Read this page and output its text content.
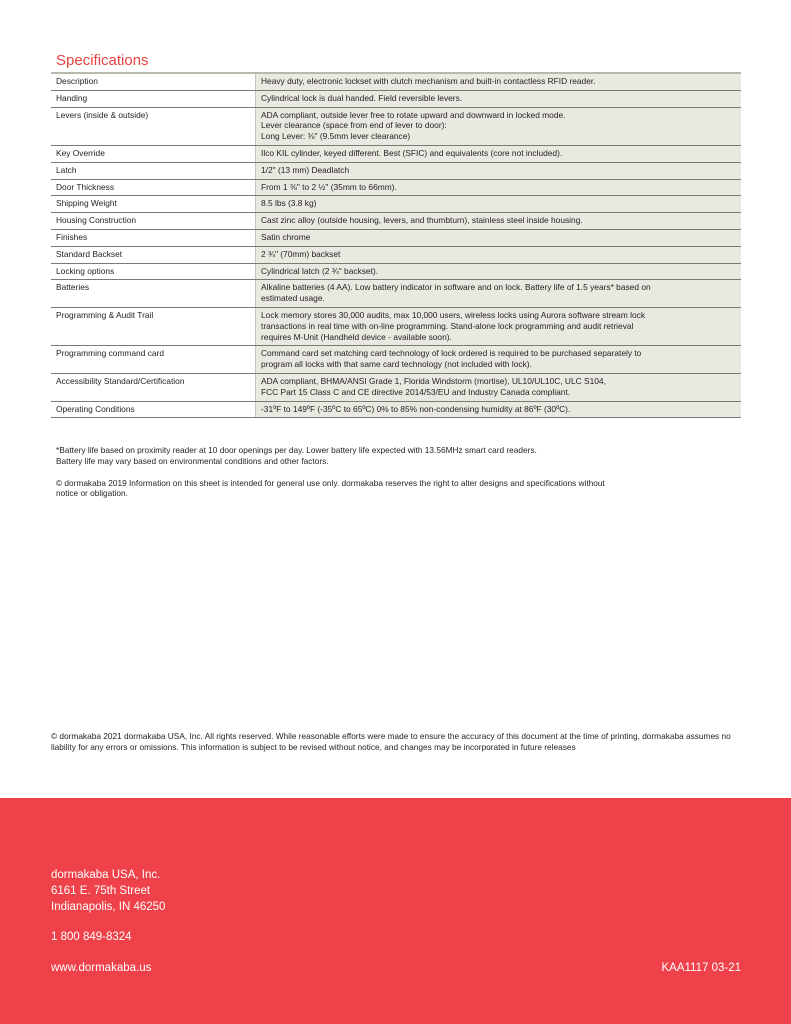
Specifications
Description	Heavy duty, electronic lockset with clutch mechanism and built-in contactless RFID reader.
Handing	Cylindrical lock is dual handed. Field reversible levers.
Levers (inside & outside)	ADA compliant, outside lever free to rotate upward and downward in locked mode.
Lever clearance (space from end of lever to door):
Long Lever: ⅜" (9.5mm lever clearance)
Key Override	Ilco KIL cylinder, keyed different. Best (SFIC) and equivalents (core not included).
Latch	1/2" (13 mm) Deadlatch
Door Thickness	From 1 ⅜" to 2 ½" (35mm to 66mm).
Shipping Weight	8.5 lbs (3.8 kg)
Housing Construction	Cast zinc alloy (outside housing, levers, and thumbturn), stainless steel inside housing.
Finishes	Satin chrome
Standard Backset	2 ¾" (70mm) backset
Locking options	Cylindrical latch (2 ¾" backset).
Batteries	Alkaline batteries (4 AA). Low battery indicator in software and on lock. Battery life of 1.5 years* based on
estimated usage.
Programming & Audit Trail	Lock memory stores 30,000 audits, max 10,000 users, wireless locks using Aurora software stream lock
transactions in real time with on-line programming. Stand-alone lock programming and audit retrieval
requires M-Unit (Handheld device - available soon).
Programming command card	Command card set matching card technology of lock ordered is required to be purchased separately to
program all locks with that same card technology (not included with lock).
Accessibility Standard/Certification	ADA compliant, BHMA/ANSI Grade 1, Florida Windstorm (mortise), UL10/UL10C, ULC S104,
FCC Part 15 Class C and CE directive 2014/53/EU and Industry Canada compliant.
Operating Conditions	-31ºF to 149ºF (-35ºC to 65ºC) 0% to 85% non-condensing humidity at 86ºF (30ºC).

*Battery life based on proximity reader at 10 door openings per day. Lower battery life expected with 13.56MHz smart card readers.
Battery life may vary based on environmental conditions and other factors.

© dormakaba 2019 Information on this sheet is intended for general use only. dormakaba reserves the right to alter designs and specifications without
notice or obligation.

© dormakaba 2021 dormakaba USA, Inc. All rights reserved. While reasonable efforts were made to ensure the accuracy of this document at the time of printing, dormakaba assumes no liability for any errors or omissions. This information is subject to be revised without notice, and changes may be incorporated in future releases

dormakaba USA, Inc.
6161 E. 75th Street
Indianapolis, IN 46250
1 800 849-8324
www.dormakaba.us	KAA1117 03-21
